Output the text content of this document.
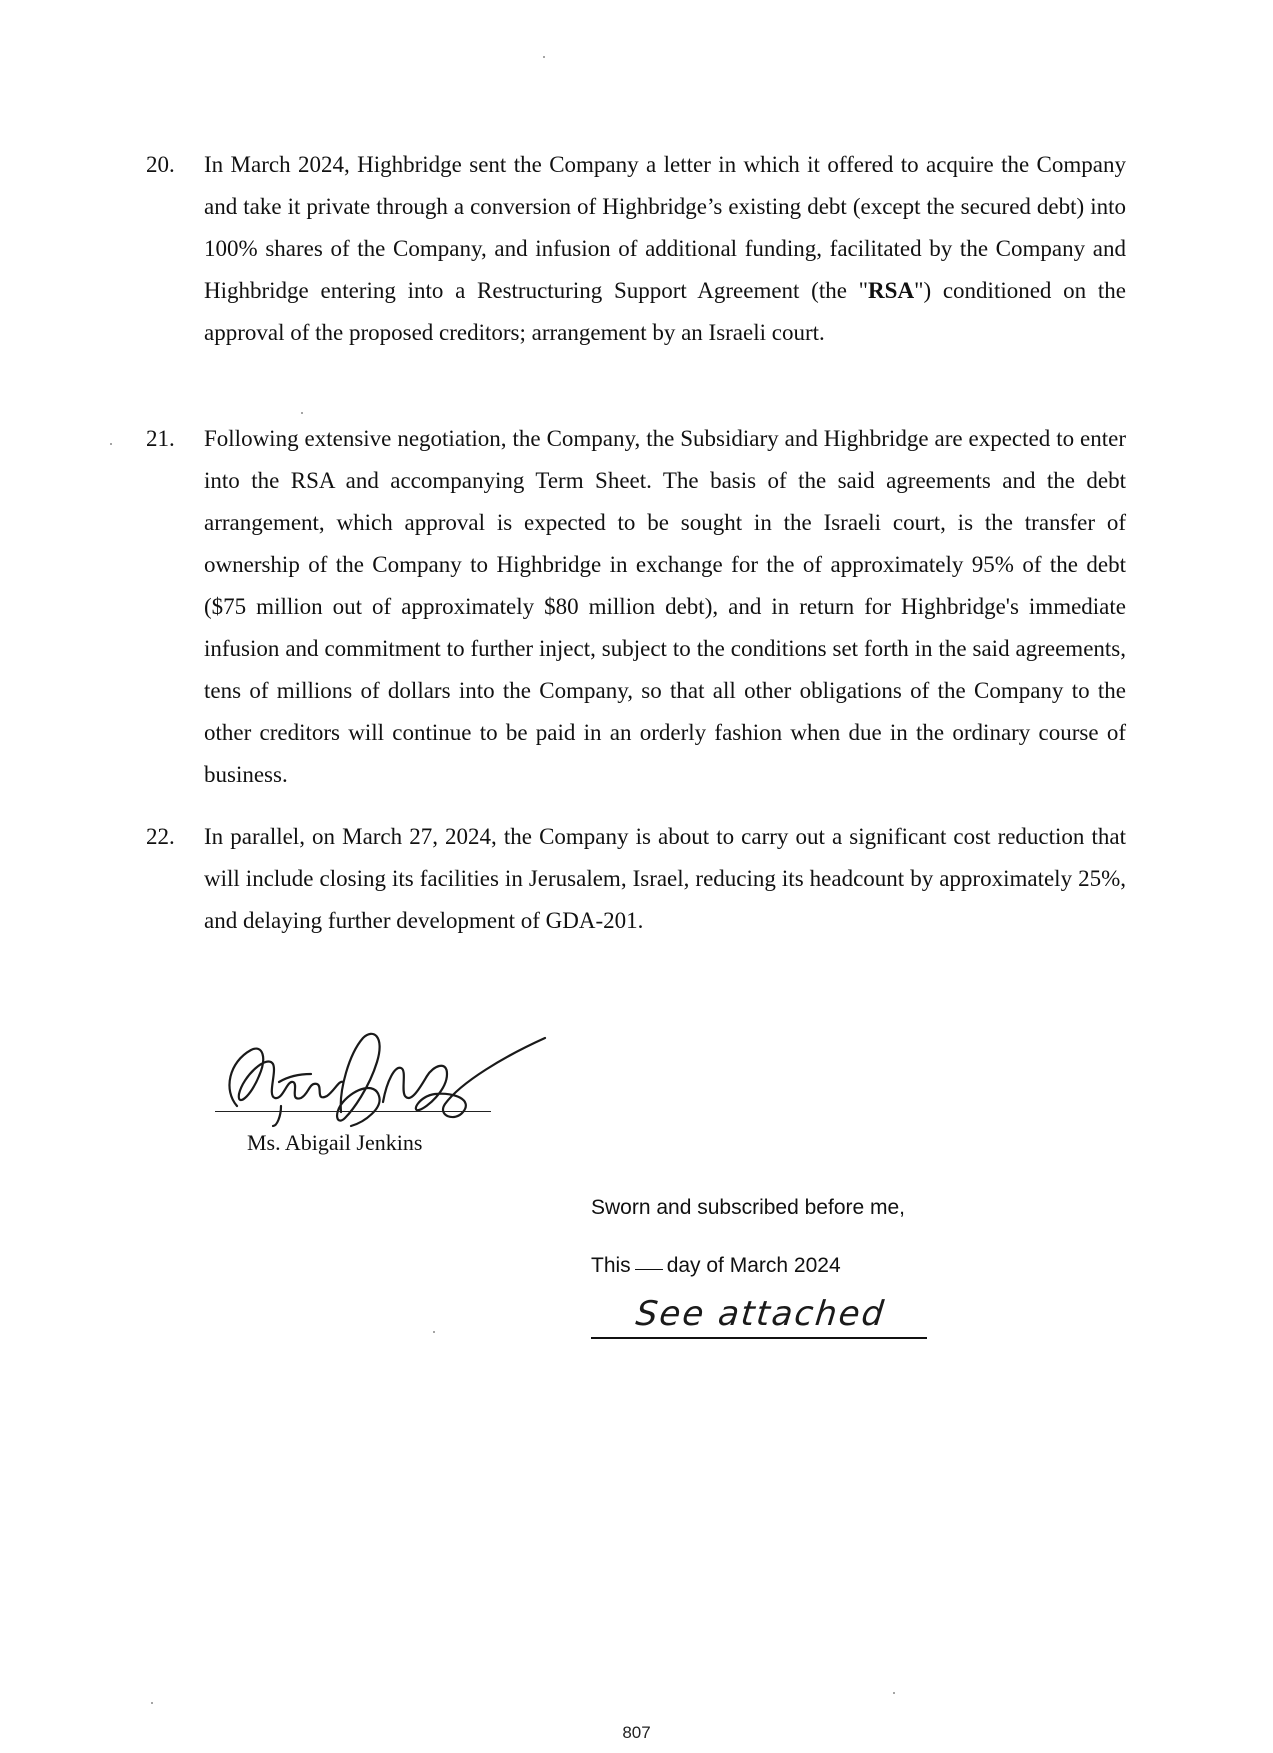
20. In March 2024, Highbridge sent the Company a letter in which it offered to acquire the Company and take it private through a conversion of Highbridge’s existing debt (except the secured debt) into 100% shares of the Company, and infusion of additional funding, facilitated by the Company and Highbridge entering into a Restructuring Support Agreement (the "RSA") conditioned on the approval of the proposed creditors; arrangement by an Israeli court.
21. Following extensive negotiation, the Company, the Subsidiary and Highbridge are expected to enter into the RSA and accompanying Term Sheet. The basis of the said agreements and the debt arrangement, which approval is expected to be sought in the Israeli court, is the transfer of ownership of the Company to Highbridge in exchange for the of approximately 95% of the debt ($75 million out of approximately $80 million debt), and in return for Highbridge's immediate infusion and commitment to further inject, subject to the conditions set forth in the said agreements, tens of millions of dollars into the Company, so that all other obligations of the Company to the other creditors will continue to be paid in an orderly fashion when due in the ordinary course of business.
22. In parallel, on March 27, 2024, the Company is about to carry out a significant cost reduction that will include closing its facilities in Jerusalem, Israel, reducing its headcount by approximately 25%, and delaying further development of GDA-201.
Ms. Abigail Jenkins
Sworn and subscribed before me,
This day of March 2024
See attached
807
